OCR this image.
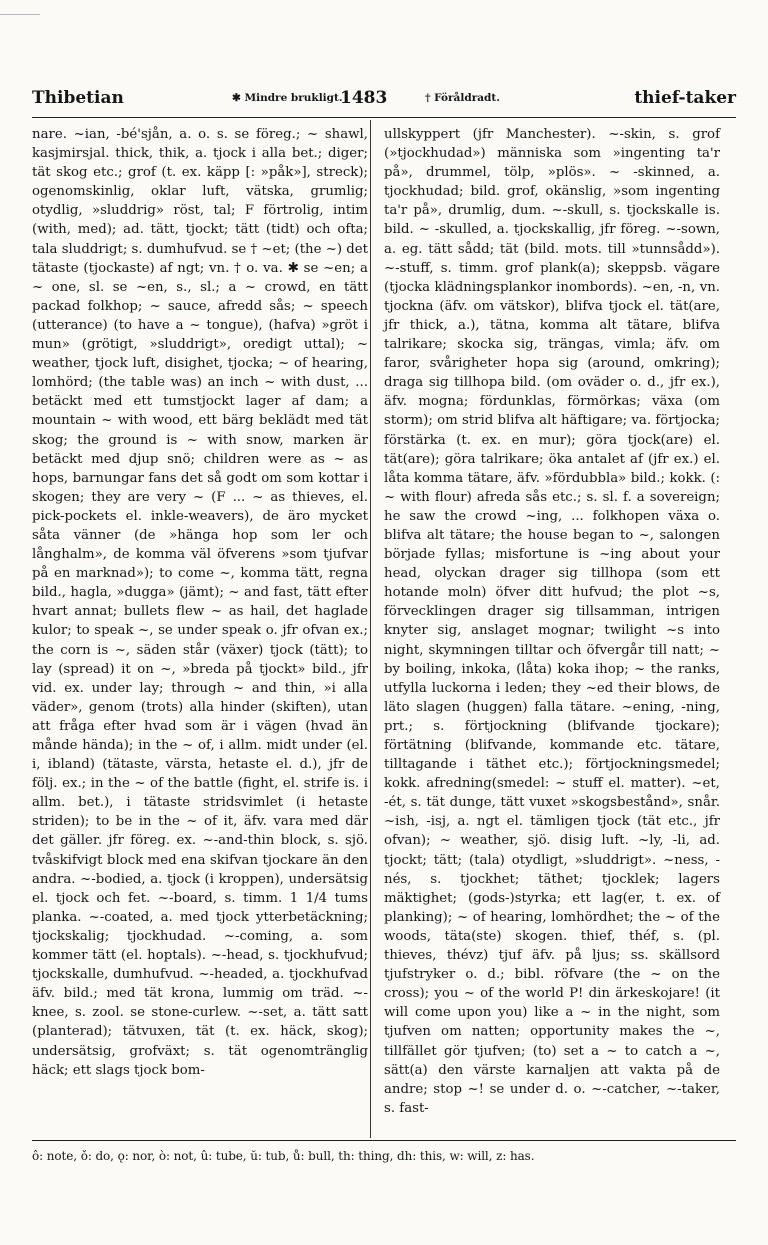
Thibetian	✱ Mindre brukligt.
1483	† Föråldradt.	thief-taker

nare. ~ian, -bé'sjån, a. o. s. se föreg.; ~ shawl, kasjmirsjal. thick, thik, a. tjock i alla bet.; diger; tät skog etc.; grof (t. ex. käpp [: »påk»], streck); ogenomskinlig, oklar luft, vätska, grumlig; otydlig, »sluddrig» röst, tal; F förtrolig, intim (with, med); ad. tätt, tjockt; tätt (tidt) och ofta; tala sluddrigt; s. dumhufvud. se † ~et; (the ~) det tätaste (tjockaste) af ngt; vn. † o. va. ✱ se ~en; a ~ one, sl. se ~en, s., sl.; a ~ crowd, en tätt packad folkhop; ~ sauce, afredd sås; ~ speech (utterance) (to have a ~ tongue), (hafva) »gröt i mun» (grötigt, »sluddrigt», oredigt uttal); ~ weather, tjock luft, disighet, tjocka; ~ of hearing, lomhörd; (the table was) an inch ~ with dust, ... betäckt med ett tumstjockt lager af dam; a mountain ~ with wood, ett bärg beklädt med tät skog; the ground is ~ with snow, marken är betäckt med djup snö; children were as ~ as hops, barnungar fans det så godt om som kottar i skogen; they are very ~ (F ... ~ as thieves, el. pick-pockets el. inkle-weavers), de äro mycket såta vänner (de »hänga hop som ler och långhalm», de komma väl öfverens »som tjufvar på en marknad»); to come ~, komma tätt, regna bild., hagla, »dugga» (jämt); ~ and fast, tätt efter hvart annat; bullets flew ~ as hail, det haglade kulor; to speak ~, se under speak o. jfr ofvan ex.; the corn is ~, säden står (växer) tjock (tätt); to lay (spread) it on ~, »breda på tjockt» bild., jfr vid. ex. under lay; through ~ and thin, »i alla väder», genom (trots) alla hinder (skiften), utan att fråga efter hvad som är i vägen (hvad än månde hända); in the ~ of, i allm. midt under (el. i, ibland) (tätaste, värsta, hetaste el. d.), jfr de följ. ex.; in the ~ of the battle (fight, el. strife is. i allm. bet.), i tätaste stridsvimlet (i hetaste striden); to be in the ~ of it, äfv. vara med där det gäller. jfr föreg. ex. ~-and-thin block, s. sjö. tvåskifvigt block med ena skifvan tjockare än den andra. ~-bodied, a. tjock (i kroppen), undersätsig el. tjock och fet. ~-board, s. timm. 1 1/4 tums planka. ~-coated, a. med tjock ytterbetäckning; tjockskalig; tjockhudad. ~-coming, a. som kommer tätt (el. hoptals). ~-head, s. tjockhufvud; tjockskalle, dumhufvud. ~-headed, a. tjockhufvad äfv. bild.; med tät krona, lummig om träd. ~-knee, s. zool. se stone-curlew. ~-set, a. tätt satt (planterad); tätvuxen, tät (t. ex. häck, skog); undersätsig, grofväxt; s. tät ogenomtränglig häck; ett slags tjock bom-

ullskyppert (jfr Manchester). ~-skin, s. grof (»tjockhudad») människa som »ingenting ta'r på», drummel, tölp, »plös». ~ -skinned, a. tjockhudad; bild. grof, okänslig, »som ingenting ta'r på», drumlig, dum. ~-skull, s. tjockskalle is. bild. ~ -skulled, a. tjockskallig, jfr föreg. ~-sown, a. eg. tätt sådd; tät (bild. mots. till »tunnsådd»). ~-stuff, s. timm. grof plank(a); skeppsb. vägare (tjocka klädningsplankor inombords). ~en, -n, vn. tjockna (äfv. om vätskor), blifva tjock el. tät(are, jfr thick, a.), tätna, komma alt tätare, blifva talrikare; skocka sig, trängas, vimla; äfv. om faror, svårigheter hopa sig (around, omkring); draga sig tillhopa bild. (om oväder o. d., jfr ex.), äfv. mogna; fördunklas, förmörkas; växa (om storm); om strid blifva alt häftigare; va. förtjocka; förstärka (t. ex. en mur); göra tjock(are) el. tät(are); göra talrikare; öka antalet af (jfr ex.) el. låta komma tätare, äfv. »fördubbla» bild.; kokk. (: ~ with flour) afreda sås etc.; s. sl. f. a sovereign; he saw the crowd ~ing, ... folkhopen växa o. blifva alt tätare; the house began to ~, salongen började fyllas; misfortune is ~ing about your head, olyckan drager sig tillhopa (som ett hotande moln) öfver ditt hufvud; the plot ~s, förvecklingen drager sig tillsamman, intrigen knyter sig, anslaget mognar; twilight ~s into night, skymningen tilltar och öfvergår till natt; ~ by boiling, inkoka, (låta) koka ihop; ~ the ranks, utfylla luckorna i leden; they ~ed their blows, de läto slagen (huggen) falla tätare. ~ening, -ning, prt.; s. förtjockning (blifvande tjockare); förtätning (blifvande, kommande etc. tätare, tilltagande i täthet etc.); förtjockningsmedel; kokk. afredning(smedel: ~ stuff el. matter). ~et, -ét, s. tät dunge, tätt vuxet »skogsbestånd», snår. ~ish, -isj, a. ngt el. tämligen tjock (tät etc., jfr ofvan); ~ weather, sjö. disig luft. ~ly, -li, ad. tjockt; tätt; (tala) otydligt, »sluddrigt». ~ness, -nés, s. tjockhet; täthet; tjocklek; lagers mäktighet; (gods-)styrka; ett lag(er, t. ex. of planking); ~ of hearing, lomhördhet; the ~ of the woods, täta(ste) skogen. thief, théf, s. (pl. thieves, thévz) tjuf äfv. på ljus; ss. skällsord tjufstryker o. d.; bibl. röfvare (the ~ on the cross); you ~ of the world P! din ärkeskojare! (it will come upon you) like a ~ in the night, som tjufven om natten; opportunity makes the ~, tillfället gör tjufven; (to) set a ~ to catch a ~, sätt(a) den värste karnaljen att vakta på de andre; stop ~! se under d. o. ~-catcher, ~-taker, s. fast-

ô: note, ǒ: do, ǫ: nor, ò: not, û: tube, ŭ: tub, ů: bull, th: thing, dh: this, w: will, z: has.
